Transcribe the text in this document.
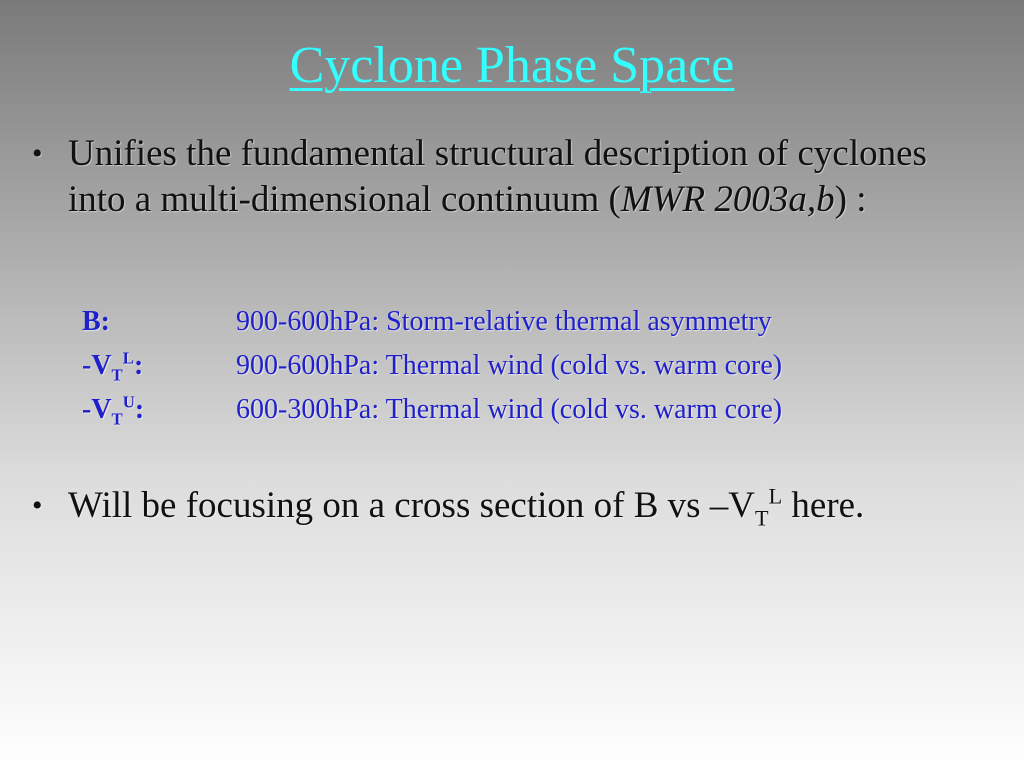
Cyclone Phase Space
• Unifies the fundamental structural description of cyclones into a multi-dimensional continuum (MWR 2003a,b) :
B:	900-600hPa: Storm-relative thermal asymmetry
$-V_T^L$:	900-600hPa: Thermal wind (cold vs. warm core)
$-V_T^U$:	600-300hPa: Thermal wind (cold vs. warm core)
• Will be focusing on a cross section of B vs $-V_T^L$ here.
